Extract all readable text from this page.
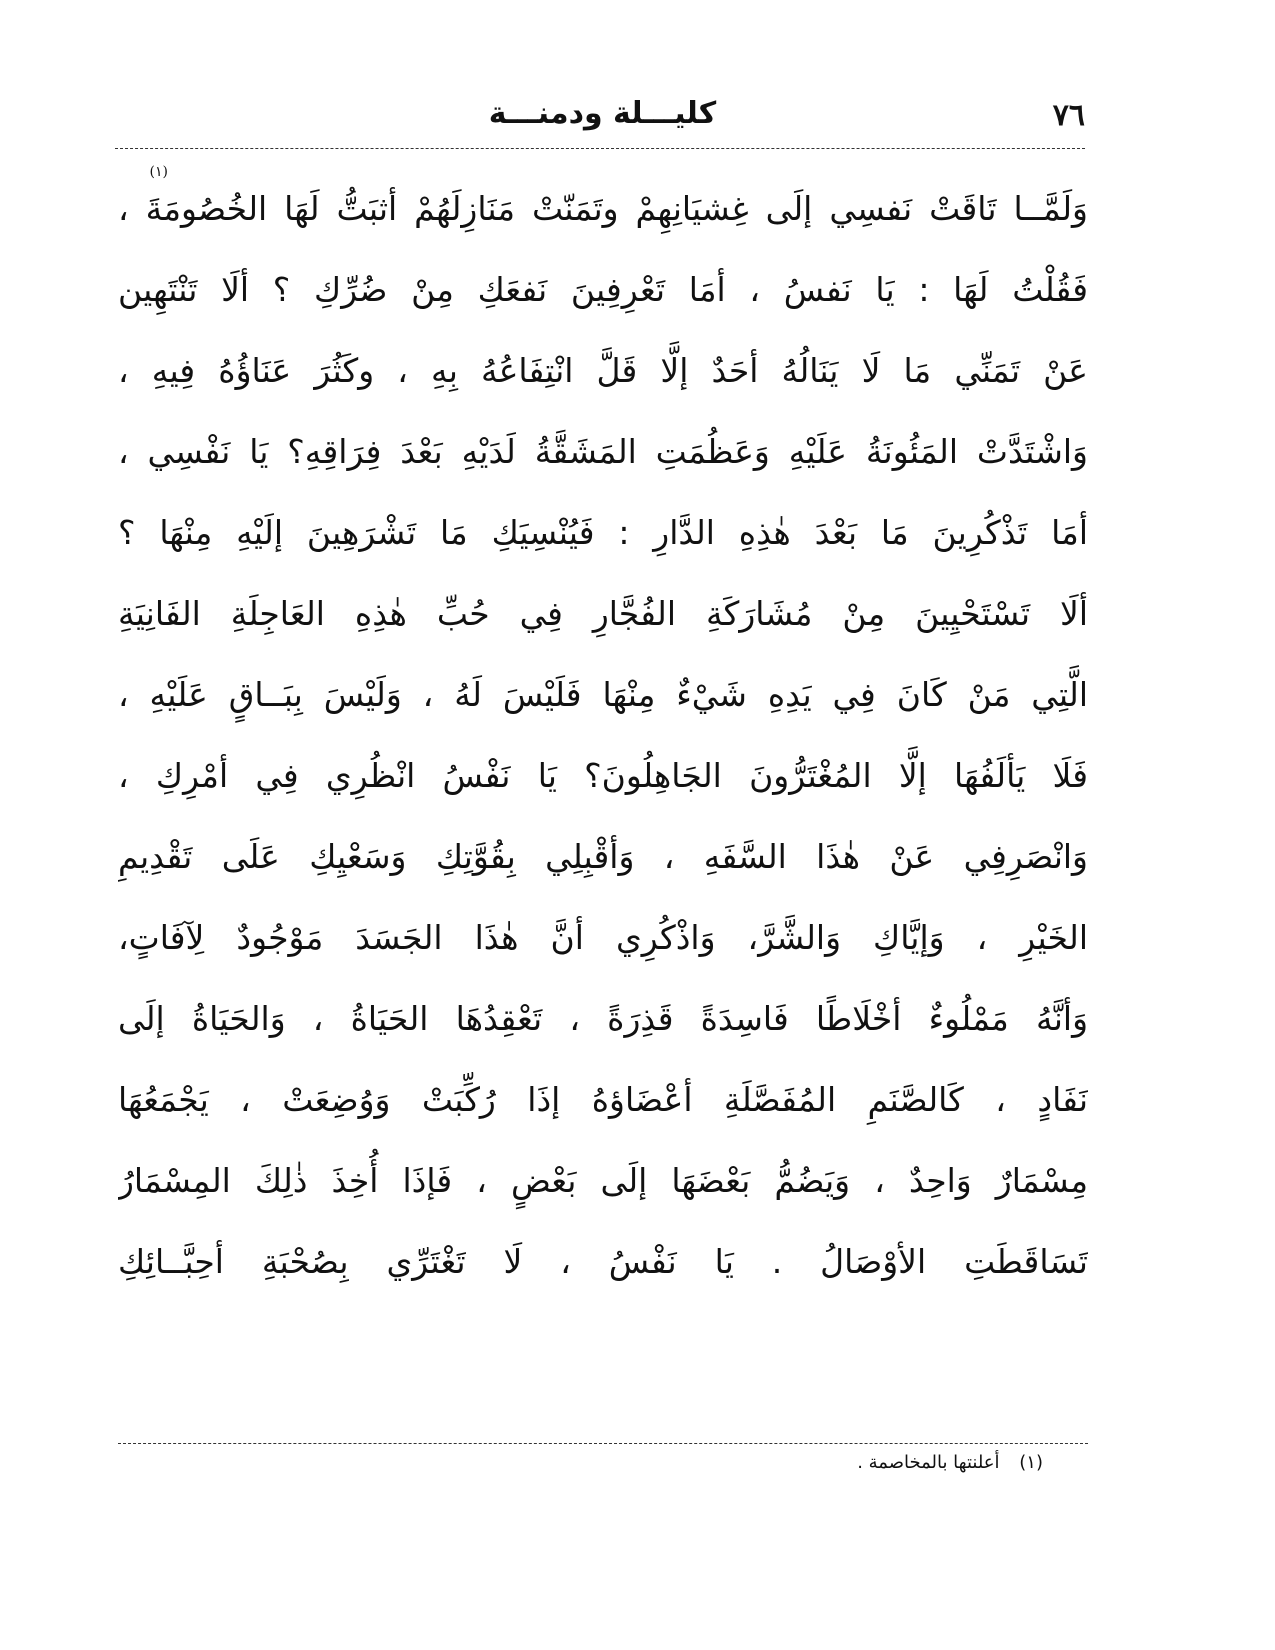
٧٦
كليـــلة ودمنـــة
(١)
وَلَمَّــا تَاقَتْ نَفسِي إلَى غِشيَانِهِمْ وتَمَنّتْ مَنَازِلَهُمْ أثبَتُّ لَهَا الخُصُومَةَ ،
فَقُلْتُ لَهَا : يَا نَفسُ ، أمَا تَعْرِفِينَ نَفعَكِ مِنْ ضُرِّكِ ؟ ألَا تَنْتَهِين
عَنْ تَمَنِّي مَا لَا يَنَالُهُ أحَدٌ إلَّا قَلَّ انْتِفَاعُهُ بِهِ ، وكَثُرَ عَنَاؤُهُ فِيهِ ،
وَاشْتَدَّتْ المَئُونَةُ عَلَيْهِ وَعَظُمَتِ المَشَقَّةُ لَدَيْهِ بَعْدَ فِرَاقِهِ؟ يَا نَفْسِي ،
أمَا تَذْكُرِينَ مَا بَعْدَ هٰذِهِ الدَّارِ : فَيُنْسِيَكِ مَا تَشْرَهِينَ إلَيْهِ مِنْهَا ؟
ألَا تَسْتَحْيِينَ مِنْ مُشَارَكَةِ الفُجَّارِ فِي حُبِّ هٰذِهِ العَاجِلَةِ الفَانِيَةِ
الَّتِي مَنْ كَانَ فِي يَدِهِ شَيْءٌ مِنْهَا فَلَيْسَ لَهُ ، وَلَيْسَ بِبَــاقٍ عَلَيْهِ ،
فَلَا يَألَفُهَا إلَّا المُغْتَرُّونَ الجَاهِلُونَ؟ يَا نَفْسُ انْظُرِي فِي أمْرِكِ ،
وَانْصَرِفِي عَنْ هٰذَا السَّفَهِ ، وَأقْبِلِي بِقُوَّتِكِ وَسَعْيِكِ عَلَى تَقْدِيمِ
الخَيْرِ ، وَإيَّاكِ وَالشَّرَّ، وَاذْكُرِي أنَّ هٰذَا الجَسَدَ مَوْجُودٌ لِآفَاتٍ،
وَأنَّهُ مَمْلُوءٌ أخْلَاطًا فَاسِدَةً قَذِرَةً ، تَعْقِدُهَا الحَيَاةُ ، وَالحَيَاةُ إلَى
نَفَادٍ ، كَالصَّنَمِ المُفَصَّلَةِ أعْضَاؤهُ إذَا رُكِّبَتْ وَوُضِعَتْ ، يَجْمَعُهَا
مِسْمَارٌ وَاحِدٌ ، وَيَضُمُّ بَعْضَهَا إلَى بَعْضٍ ، فَإذَا أُخِذَ ذٰلِكَ المِسْمَارُ
تَسَاقَطَتِ الأوْصَالُ . يَا نَفْسُ ، لَا تَغْتَرِّي بِصُحْبَةِ أحِبَّــائِكِ
(١) أعلنتها بالمخاصمة .
